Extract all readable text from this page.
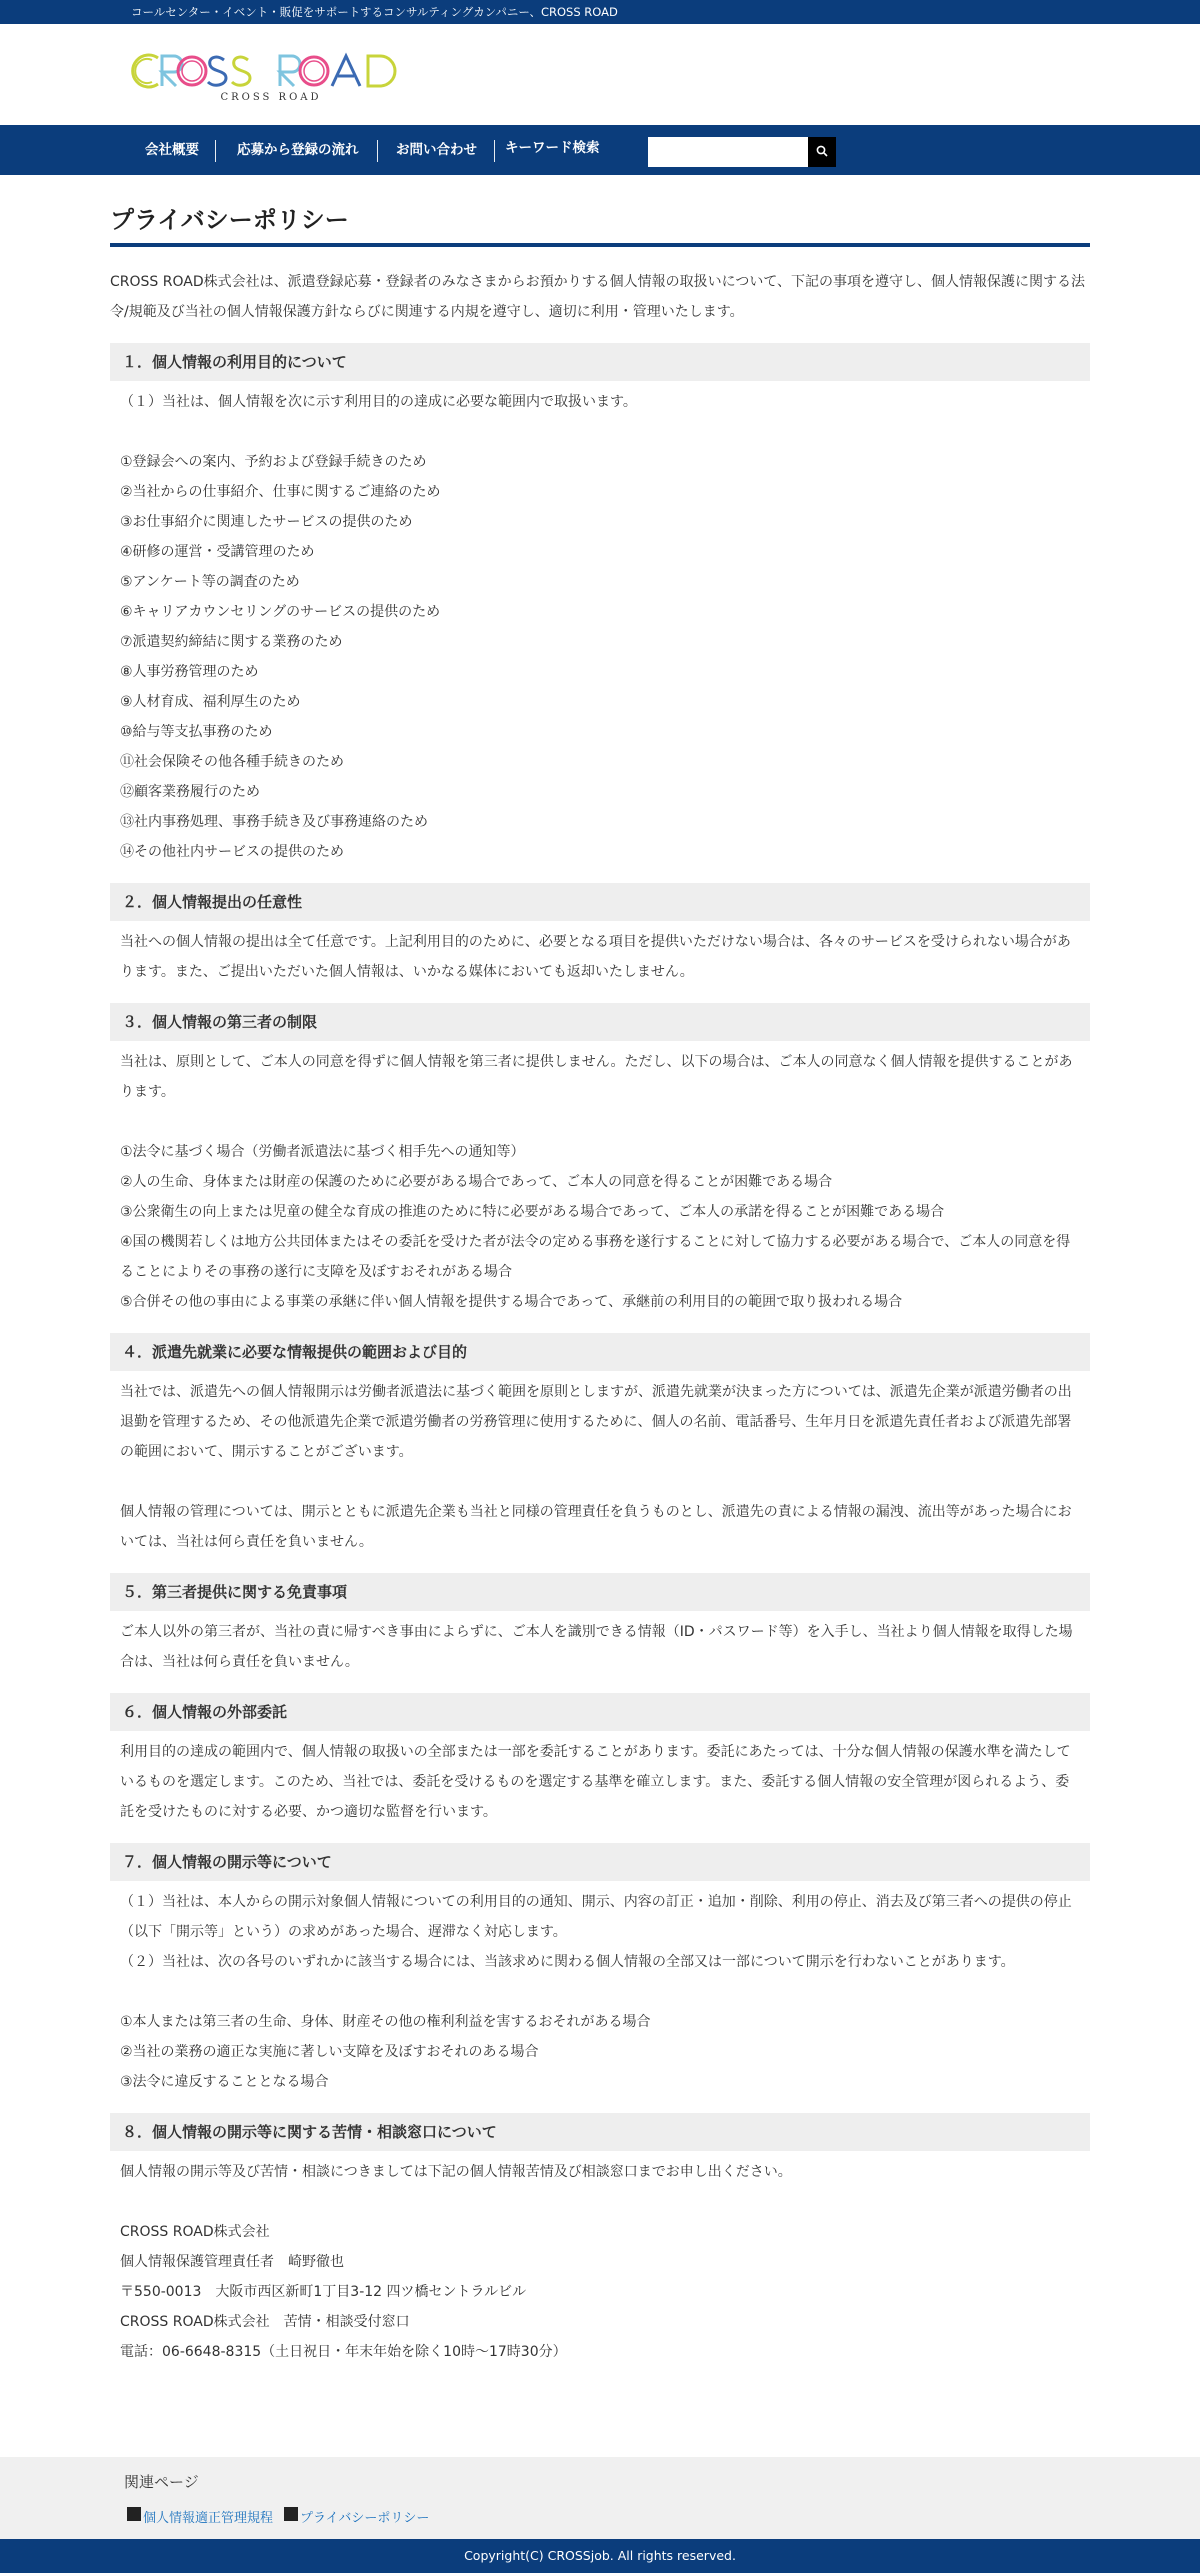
コールセンター・イベント・販促をサポートするコンサルティングカンパニー、CROSS ROAD
CROSS ROAD
会社概要	応募から登録の流れ	お問い合わせ キーワード検索
プライバシーポリシー

CROSS ROAD株式会社は、派遣登録応募・登録者のみなさまからお預かりする個人情報の取扱いについて、下記の事項を遵守し、個人情報保護に関する法令/規範及び当社の個人情報保護方針ならびに関連する内規を遵守し、適切に利用・管理いたします。

１．個人情報の利用目的について
（１）当社は、個人情報を次に示す利用目的の達成に必要な範囲内で取扱います。
①登録会への案内、予約および登録手続きのため
②当社からの仕事紹介、仕事に関するご連絡のため
③お仕事紹介に関連したサービスの提供のため
④研修の運営・受講管理のため
⑤アンケート等の調査のため
⑥キャリアカウンセリングのサービスの提供のため
⑦派遣契約締結に関する業務のため
⑧人事労務管理のため
⑨人材育成、福利厚生のため
⑩給与等支払事務のため
⑪社会保険その他各種手続きのため
⑫顧客業務履行のため
⑬社内事務処理、事務手続き及び事務連絡のため
⑭その他社内サービスの提供のため
２．個人情報提出の任意性
当社への個人情報の提出は全て任意です。上記利用目的のために、必要となる項目を提供いただけない場合は、各々のサービスを受けられない場合があります。また、ご提出いただいた個人情報は、いかなる媒体においても返却いたしません。
３．個人情報の第三者の制限
当社は、原則として、ご本人の同意を得ずに個人情報を第三者に提供しません。ただし、以下の場合は、ご本人の同意なく個人情報を提供することがあります。
①法令に基づく場合（労働者派遣法に基づく相手先への通知等）
②人の生命、身体または財産の保護のために必要がある場合であって、ご本人の同意を得ることが困難である場合
③公衆衛生の向上または児童の健全な育成の推進のために特に必要がある場合であって、ご本人の承諾を得ることが困難である場合
④国の機関若しくは地方公共団体またはその委託を受けた者が法令の定める事務を遂行することに対して協力する必要がある場合で、ご本人の同意を得ることによりその事務の遂行に支障を及ぼすおそれがある場合
⑤合併その他の事由による事業の承継に伴い個人情報を提供する場合であって、承継前の利用目的の範囲で取り扱われる場合
４．派遣先就業に必要な情報提供の範囲および目的
当社では、派遣先への個人情報開示は労働者派遣法に基づく範囲を原則としますが、派遣先就業が決まった方については、派遣先企業が派遣労働者の出退勤を管理するため、その他派遣先企業で派遣労働者の労務管理に使用するために、個人の名前、電話番号、生年月日を派遣先責任者および派遣先部署の範囲において、開示することがございます。
個人情報の管理については、開示とともに派遣先企業も当社と同様の管理責任を負うものとし、派遣先の責による情報の漏洩、流出等があった場合においては、当社は何ら責任を負いません。
５．第三者提供に関する免責事項
ご本人以外の第三者が、当社の責に帰すべき事由によらずに、ご本人を識別できる情報（ID・パスワード等）を入手し、当社より個人情報を取得した場合は、当社は何ら責任を負いません。
６．個人情報の外部委託
利用目的の達成の範囲内で、個人情報の取扱いの全部または一部を委託することがあります。委託にあたっては、十分な個人情報の保護水準を満たしているものを選定します。このため、当社では、委託を受けるものを選定する基準を確立します。また、委託する個人情報の安全管理が図られるよう、委託を受けたものに対する必要、かつ適切な監督を行います。
７．個人情報の開示等について
（１）当社は、本人からの開示対象個人情報についての利用目的の通知、開示、内容の訂正・追加・削除、利用の停止、消去及び第三者への提供の停止（以下「開示等」という）の求めがあった場合、遅滞なく対応します。
（２）当社は、次の各号のいずれかに該当する場合には、当該求めに関わる個人情報の全部又は一部について開示を行わないことがあります。
①本人または第三者の生命、身体、財産その他の権利利益を害するおそれがある場合
②当社の業務の適正な実施に著しい支障を及ぼすおそれのある場合
③法令に違反することとなる場合
８．個人情報の開示等に関する苦情・相談窓口について
個人情報の開示等及び苦情・相談につきましては下記の個人情報苦情及び相談窓口までお申し出ください。
CROSS ROAD株式会社
個人情報保護管理責任者　崎野徹也
〒550-0013　大阪市西区新町1丁目3-12 四ツ橋セントラルビル
CROSS ROAD株式会社　苦情・相談受付窓口
電話：06-6648-8315（土日祝日・年末年始を除く10時～17時30分）
関連ページ
個人情報適正管理規程 プライバシーポリシー
Copyright(C) CROSSjob. All rights reserved.
